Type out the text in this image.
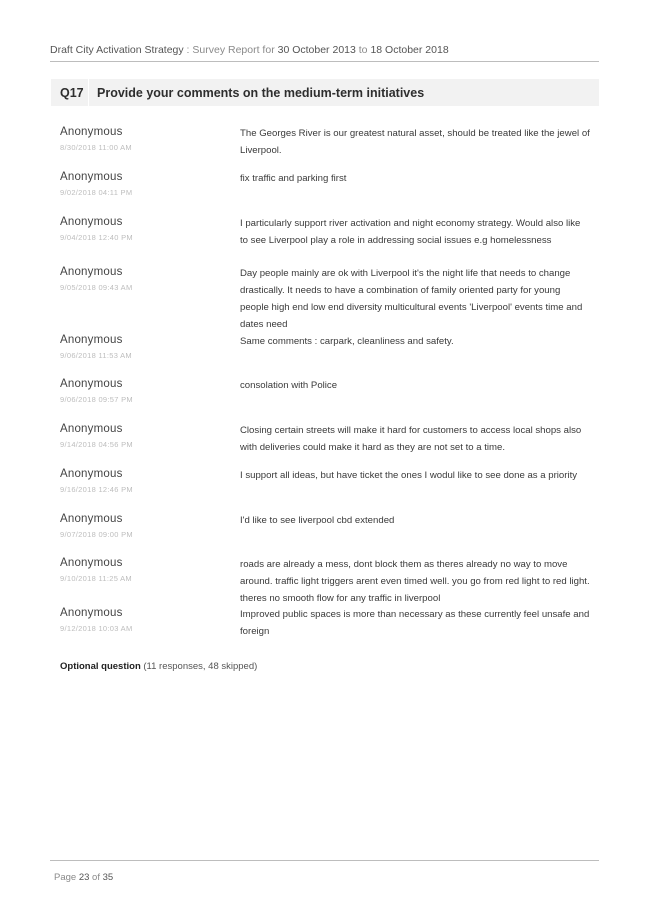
Draft City Activation Strategy : Survey Report for 30 October 2013 to 18 October 2018
Q17	Provide your comments on the medium-term initiatives
Anonymous
8/30/2018 11:00 AM
The Georges River is our greatest natural asset, should be treated like the jewel of Liverpool.
Anonymous
9/02/2018 04:11 PM
fix traffic and parking first
Anonymous
9/04/2018 12:40 PM
I particularly support river activation and night economy strategy. Would also like to see Liverpool play a role in addressing social issues e.g homelessness
Anonymous
9/05/2018 09:43 AM
Day people mainly are ok with Liverpool it's the night life that needs to change drastically. It needs to have a combination of family oriented party for young people high end low end diversity multicultural events 'Liverpool' events time and dates need
Anonymous
9/06/2018 11:53 AM
Same comments : carpark, cleanliness and safety.
Anonymous
9/06/2018 09:57 PM
consolation with Police
Anonymous
9/14/2018 04:56 PM
Closing certain streets will make it hard for customers to access local shops also with deliveries could make it hard as they are not set to a time.
Anonymous
9/16/2018 12:46 PM
I support all ideas, but have ticket the ones I wodul like to see done as a priority
Anonymous
9/07/2018 09:00 PM
I'd like to see liverpool cbd extended
Anonymous
9/10/2018 11:25 AM
roads are already a mess, dont block them as theres already no way to move around. traffic light triggers arent even timed well. you go from red light to red light. theres no smooth flow for any traffic in liverpool
Anonymous
9/12/2018 10:03 AM
Improved public spaces is more than necessary as these currently feel unsafe and foreign
Optional question (11 responses, 48 skipped)
Page 23 of 35
